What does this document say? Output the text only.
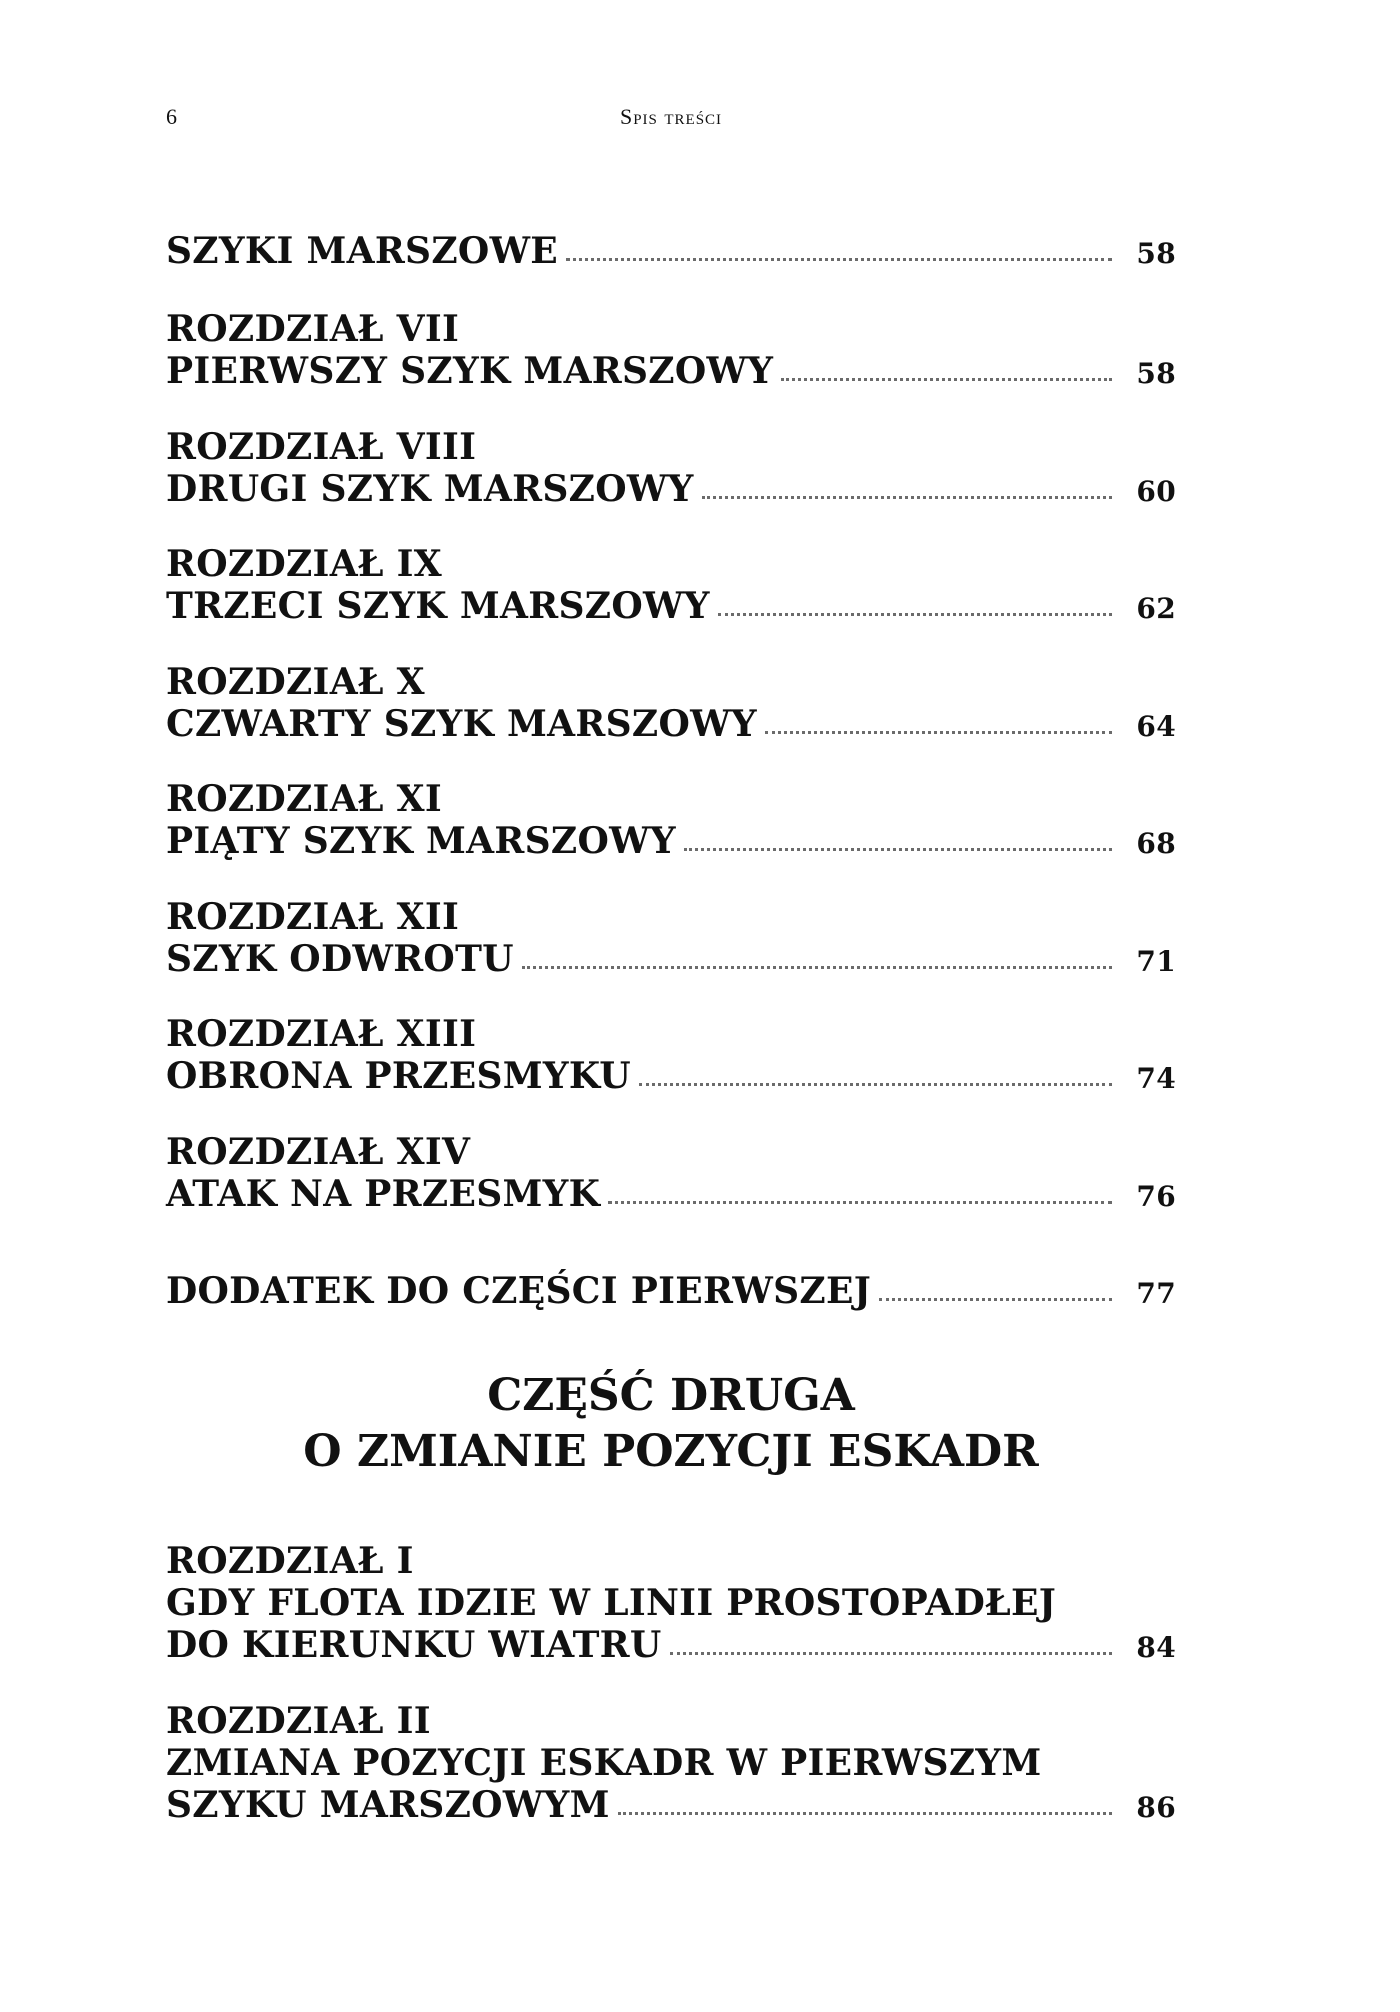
6	Spis treści
SZYKI MARSZOWE	58
ROZDZIAŁ VII
PIERWSZY SZYK MARSZOWY	58
ROZDZIAŁ VIII
DRUGI SZYK MARSZOWY	60
ROZDZIAŁ IX
TRZECI SZYK MARSZOWY	62
ROZDZIAŁ X
CZWARTY SZYK MARSZOWY	64
ROZDZIAŁ XI
PIĄTY SZYK MARSZOWY	68
ROZDZIAŁ XII
SZYK ODWROTU	71
ROZDZIAŁ XIII
OBRONA PRZESMYKU	74
ROZDZIAŁ XIV
ATAK NA PRZESMYK	76
DODATEK DO CZĘŚCI PIERWSZEJ	77
CZĘŚĆ DRUGA
O ZMIANIE POZYCJI ESKADR
ROZDZIAŁ I
GDY FLOTA IDZIE W LINII PROSTOPADŁEJ
DO KIERUNKU WIATRU	84
ROZDZIAŁ II
ZMIANA POZYCJI ESKADR W PIERWSZYM
SZYKU MARSZOWYM	86
